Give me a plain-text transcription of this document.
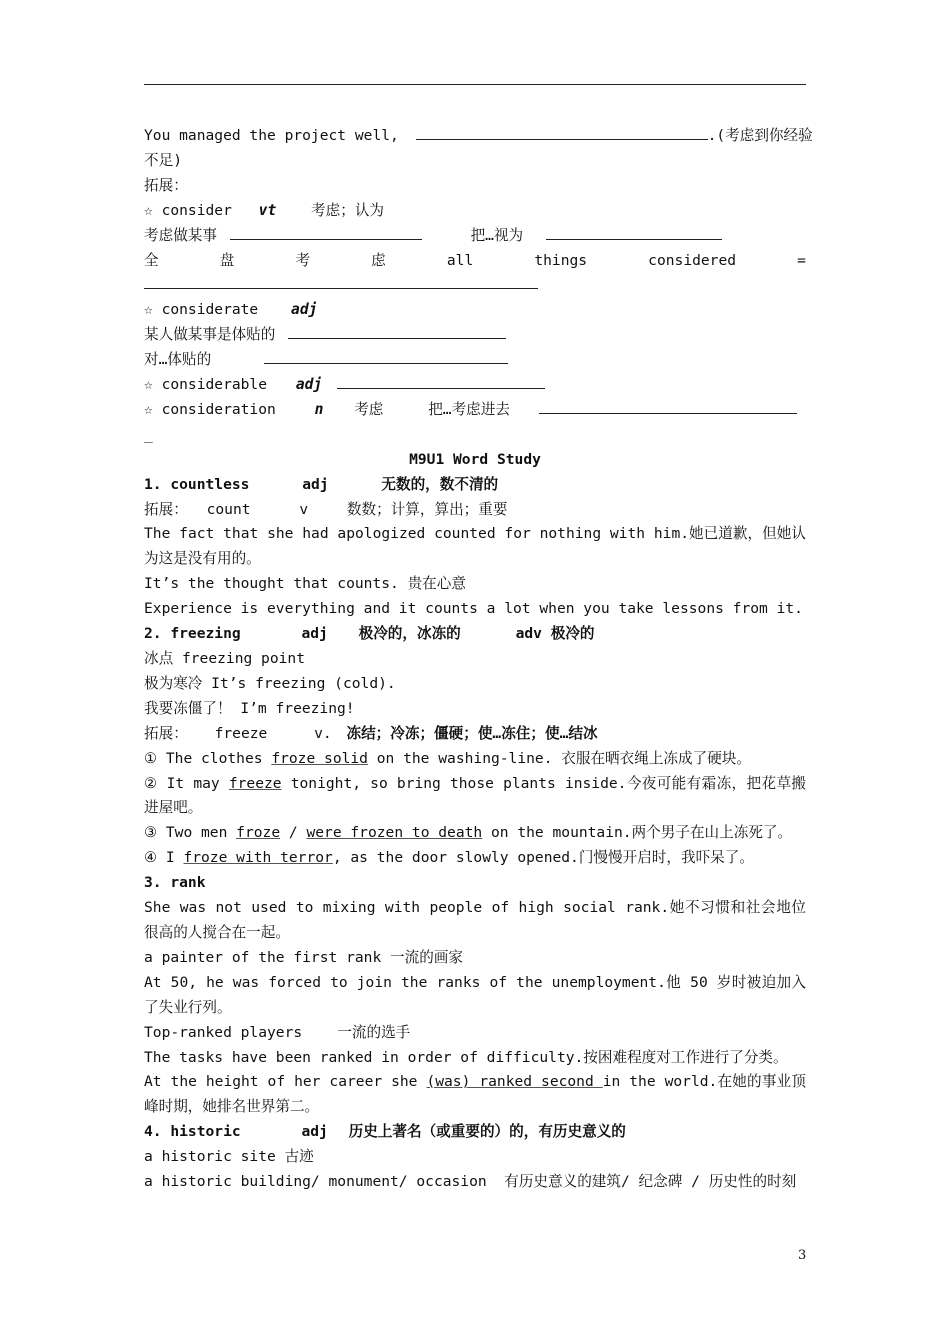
You managed the project well,	.(考虑到你经验
不足)
拓展：
☆ consider vt 考虑；认为
考虑做某事	把…视为
全	盘	考	虑	all	things	considered	=
☆ considerate adj
某人做某事是体贴的
对…体贴的
☆ considerable adj
☆ consideration	n 考虑	把…考虑进去
_
M9U1 Word Study
1. countless	adj	无数的，数不清的
拓展： count	v	数数；计算，算出；重要
The fact that she had apologized counted for nothing with him.她已道歉，但她认为这是没有用的。
It’s the thought that counts. 贵在心意
Experience is everything and it counts a lot when you take lessons from it.
2. freezing	adj 极冷的，冰冻的	adv 极冷的
冰点 freezing point
极为寒冷 It’s freezing (cold).
我要冻僵了！ I’m freezing!
拓展： freeze	v. 冻结；冷冻；僵硬；使…冻住；使…结冰
① The clothes froze solid on the washing-line. 衣服在晒衣绳上冻成了硬块。
② It may freeze tonight, so bring those plants inside.今夜可能有霜冻，把花草搬进屋吧。
③ Two men froze / were frozen to death on the mountain.两个男子在山上冻死了。
④ I froze with terror, as the door slowly opened.门慢慢开启时，我吓呆了。
3. rank
She was not used to mixing with people of high social rank.她不习惯和社会地位很高的人搅合在一起。
a painter of the first rank 一流的画家
At 50, he was forced to join the ranks of the unemployment.他 50 岁时被迫加入了失业行列。
Top-ranked players    一流的选手
The tasks have been ranked in order of difficulty.按困难程度对工作进行了分类。
At the height of her career she (was) ranked second in the world.在她的事业顶峰时期，她排名世界第二。
4. historic	adj 历史上著名（或重要的）的，有历史意义的
a historic site 古迹
a historic building/ monument/ occasion  有历史意义的建筑/ 纪念碑 / 历史性的时刻
3
